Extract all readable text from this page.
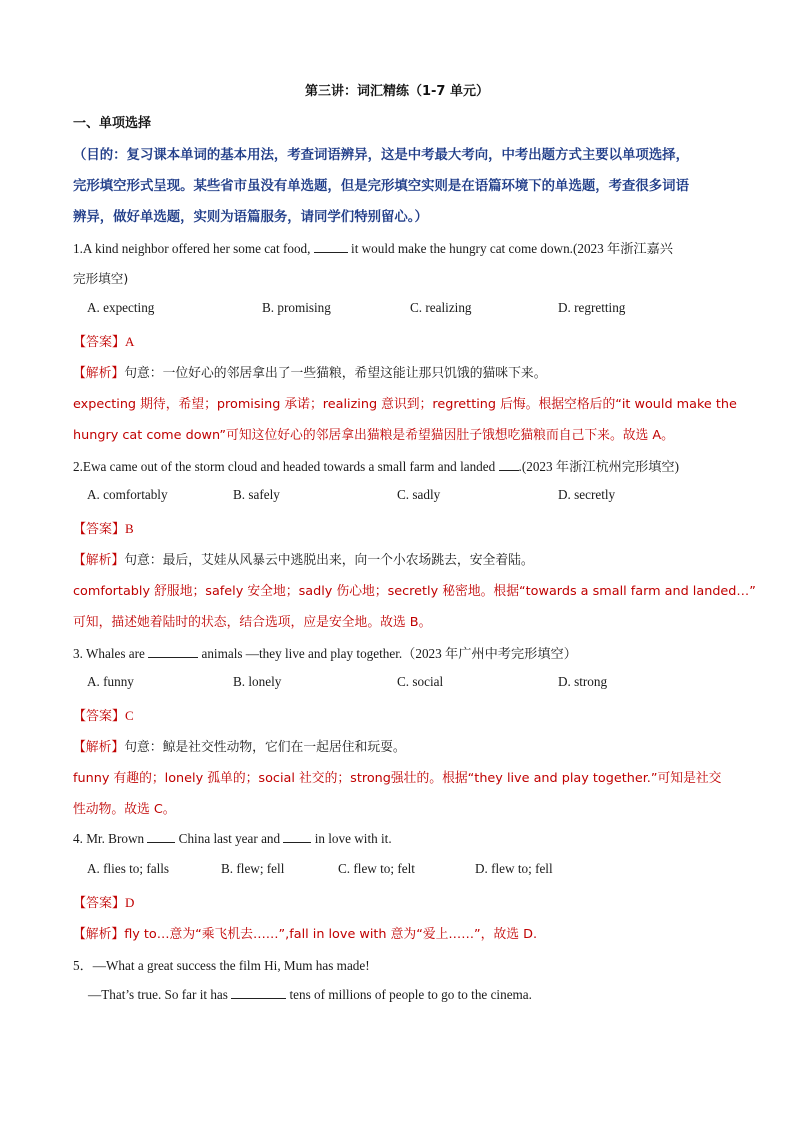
第三讲：词汇精练（1-7 单元）
一、单项选择
（目的：复习课本单词的基本用法，考查词语辨异，这是中考最大考向，中考出题方式主要以单项选择，
完形填空形式呈现。某些省市虽没有单选题，但是完形填空实则是在语篇环境下的单选题，考查很多词语
辨异，做好单选题，实则为语篇服务，请同学们特别留心。）
1.A kind neighbor offered her some cat food,	it would make the hungry cat come down.(2023 年浙江嘉兴
完形填空)
A. expecting	B. promising	C. realizing	D. regretting
【答案】A
【解析】句意：一位好心的邻居拿出了一些猫粮，希望这能让那只饥饿的猫咪下来。
expecting 期待，希望；promising 承诺；realizing 意识到；regretting 后悔。根据空格后的“it would make the
hungry cat come down”可知这位好心的邻居拿出猫粮是希望猫因肚子饿想吃猫粮而自己下来。故选 A。
2.Ewa came out of the storm cloud and headed towards a small farm and landed .(2023 年浙江杭州完形填空)
A. comfortably	B. safely	C. sadly	D. secretly
【答案】B
【解析】句意：最后，艾娃从风暴云中逃脱出来，向一个小农场跳去，安全着陆。
comfortably 舒服地；safely 安全地；sadly 伤心地；secretly 秘密地。根据“towards a small farm and landed…”
可知，描述她着陆时的状态，结合选项，应是安全地。故选 B。
3. Whales are	animals —they live and play together.（2023 年广州中考完形填空）
A. funny	B. lonely	C. social	D. strong
【答案】C
【解析】句意：鲸是社交性动物，它们在一起居住和玩耍。
funny 有趣的；lonely 孤单的；social 社交的；strong强壮的。根据“they live and play together.”可知是社交
性动物。故选 C。
4. Mr. Brown  China last year and  in love with it.
A. flies to; falls	B. flew; fell	C. flew to; felt	D. flew to; fell
【答案】D
【解析】fly to…意为“乘飞机去……”,fall in love with 意为“爱上……”，故选 D.
5．—What a great success the film Hi, Mum has made!
—That’s true. So far it has	tens of millions of people to go to the cinema.
